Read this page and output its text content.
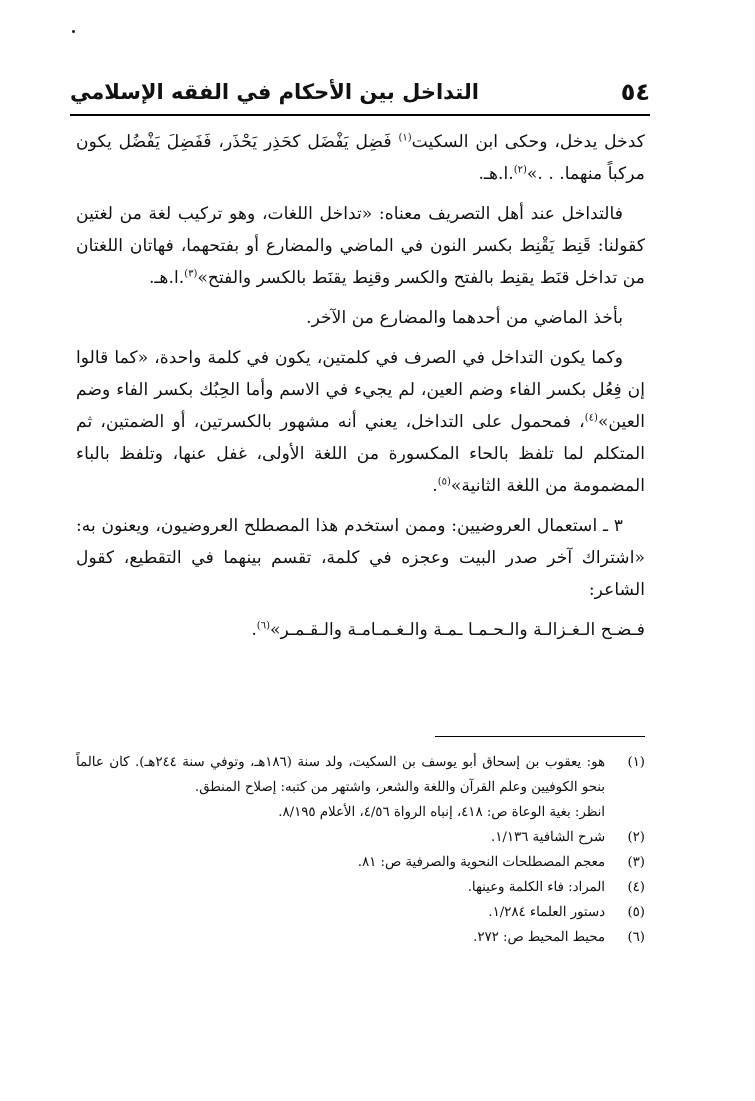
٥٤
التداخل بين الأحكام في الفقه الإسلامي

كدخل يدخل، وحكى ابن السكيت$^{(١)}$ فَضِل يَفْضَل كحَذِر يَحْذَر، فَفَضِلَ يَفْضُل يكون مركباً منهما. . .»$^{(٢)}$.ا.هـ.

فالتداخل عند أهل التصريف معناه: «تداخل اللغات، وهو تركيب لغة من لغتين كقولنا: قَنِط يَقْنِط بكسر النون في الماضي والمضارع أو بفتحهما، فهاتان اللغتان من تداخل قنَط يقنِط بالفتح والكسر وقنِط يقنَط بالكسر والفتح»$^{(٣)}$.ا.هـ.

بأخذ الماضي من أحدهما والمضارع من الآخر.

وكما يكون التداخل في الصرف في كلمتين، يكون في كلمة واحدة، «كما قالوا إن فِعُل بكسر الفاء وضم العين، لم يجيء في الاسم وأما الحِبُك بكسر الفاء وضم العين»$^{(٤)}$، فمحمول على التداخل، يعني أنه مشهور بالكسرتين، أو الضمتين، ثم المتكلم لما تلفظ بالحاء المكسورة من اللغة الأولى، غفل عنها، وتلفظ بالباء المضمومة من اللغة الثانية»$^{(٥)}$.

٣ ـ استعمال العروضيين: وممن استخدم هذا المصطلح العروضيون، ويعنون به: «اشتراك آخر صدر البيت وعجزه في كلمة، تقسم بينهما في التقطيع، كقول الشاعر:

فـضـح الـغـزالـة والـحـمـا ـمـة والـغـمـامـة والـقـمـر»$^{(٦)}$.

(١)
هو: يعقوب بن إسحاق أبو يوسف بن السكيت، ولد سنة (١٨٦هـ، وتوفي سنة ٢٤٤هـ). كان عالماً بنحو الكوفيين وعلم القرآن واللغة والشعر، واشتهر من كتبه: إصلاح المنطق.
انظر: بغية الوعاة ص: ٤١٨، إنباه الرواة ٤/٥٦، الأعلام ٨/١٩٥.
(٢)
شرح الشافية ١/١٣٦.
(٣)
معجم المصطلحات النحوية والصرفية ص: ٨١.
(٤)
المراد: فاء الكلمة وعينها.
(٥)
دستور العلماء ١/٢٨٤.
(٦)
محيط المحيط ص: ٢٧٢.
